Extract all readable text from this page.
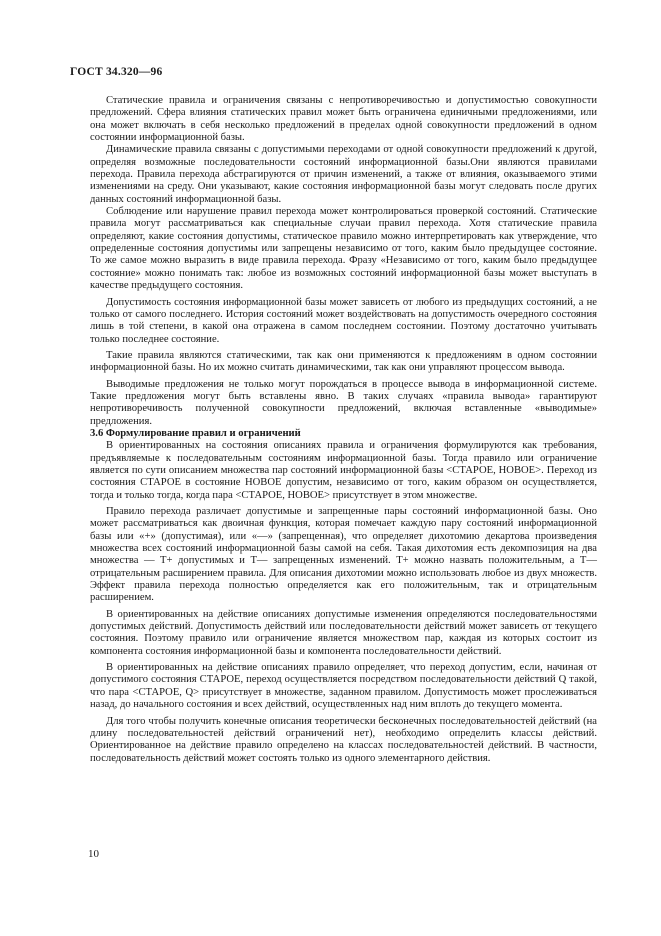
ГОСТ 34.320—96

Статические правила и ограничения связаны с непротиворечивостью и допустимостью совокупности предложений. Сфера влияния статических правил может быть ограничена единичными предложениями, или она может включать в себя несколько предложений в пределах одной совокупности предложений в одном состоянии информационной базы.

Динамические правила связаны с допустимыми переходами от одной совокупности предложений к другой, определяя возможные последовательности состояний информационной базы.Они являются правилами перехода. Правила перехода абстрагируются от причин изменений, а также от влияния, оказываемого этими изменениями на среду. Они указывают, какие состояния информационной базы могут следовать после других данных состояний информационной базы.

Соблюдение или нарушение правил перехода может контролироваться проверкой состояний. Статические правила могут рассматриваться как специальные случаи правил перехода. Хотя статические правила определяют, какие состояния допустимы, статическое правило можно интерпретировать как утверждение, что определенные состояния допустимы или запрещены независимо от того, каким было предыдущее состояние. То же самое можно выразить в виде правила перехода. Фразу «Независимо от того, каким было предыдущее состояние» можно понимать так: любое из возможных состояний информационной базы может выступать в качестве предыдущего состояния.

Допустимость состояния информационной базы может зависеть от любого из предыдущих состояний, а не только от самого последнего. История состояний может воздействовать на допустимость очередного состояния лишь в той степени, в какой она отражена в самом последнем состоянии. Поэтому достаточно учитывать только последнее состояние.

Такие правила являются статическими, так как они применяются к предложениям в одном состоянии информационной базы. Но их можно считать динамическими, так как они управляют процессом вывода.

Выводимые предложения не только могут порождаться в процессе вывода в информационной системе. Такие предложения могут быть вставлены явно. В таких случаях «правила вывода» гарантируют непротиворечивость полученной совокупности предложений, включая вставленные «выводимые» предложения.

3.6 Формулирование правил и ограничений

В ориентированных на состояния описаниях правила и ограничения формулируются как требования, предъявляемые к последовательным состояниям информационной базы. Тогда правило или ограничение является по сути описанием множества пар состояний информационной базы <СТАРОЕ, НОВОЕ>. Переход из состояния СТАРОЕ в состояние НОВОЕ допустим, независимо от того, каким образом он осуществляется, тогда и только тогда, когда пара <СТАРОЕ, НОВОЕ> присутствует в этом множестве.

Правило перехода различает допустимые и запрещенные пары состояний информационной базы. Оно может рассматриваться как двоичная функция, которая помечает каждую пару состояний информационной базы или «+» (допустимая), или «—» (запрещенная), что определяет дихотомию декартова произведения множества всех состояний информационной базы самой на себя. Такая дихотомия есть декомпозиция на два множества — T+ допустимых и T— запрещенных изменений. T+ можно назвать положительным, а T— отрицательным расширением правила. Для описания дихотомии можно использовать любое из двух множеств. Эффект правила перехода полностью определяется как его положительным, так и отрицательным расширением.

В ориентированных на действие описаниях допустимые изменения определяются последовательностями допустимых действий. Допустимость действий или последовательности действий может зависеть от текущего состояния. Поэтому правило или ограничение является множеством пар, каждая из которых состоит из компонента состояния информационной базы и компонента последовательности действий.

В ориентированных на действие описаниях правило определяет, что переход допустим, если, начиная от допустимого состояния СТАРОЕ, переход осуществляется посредством последовательности действий Q такой, что пара <СТАРОЕ, Q> присутствует в множестве, заданном правилом. Допустимость может прослеживаться назад, до начального состояния и всех действий, осуществленных над ним вплоть до текущего момента.

Для того чтобы получить конечные описания теоретически бесконечных последовательностей действий (на длину последовательностей действий ограничений нет), необходимо определить классы действий. Ориентированное на действие правило определено на классах последовательностей действий. В частности, последовательность действий может состоять только из одного элементарного действия.

10
